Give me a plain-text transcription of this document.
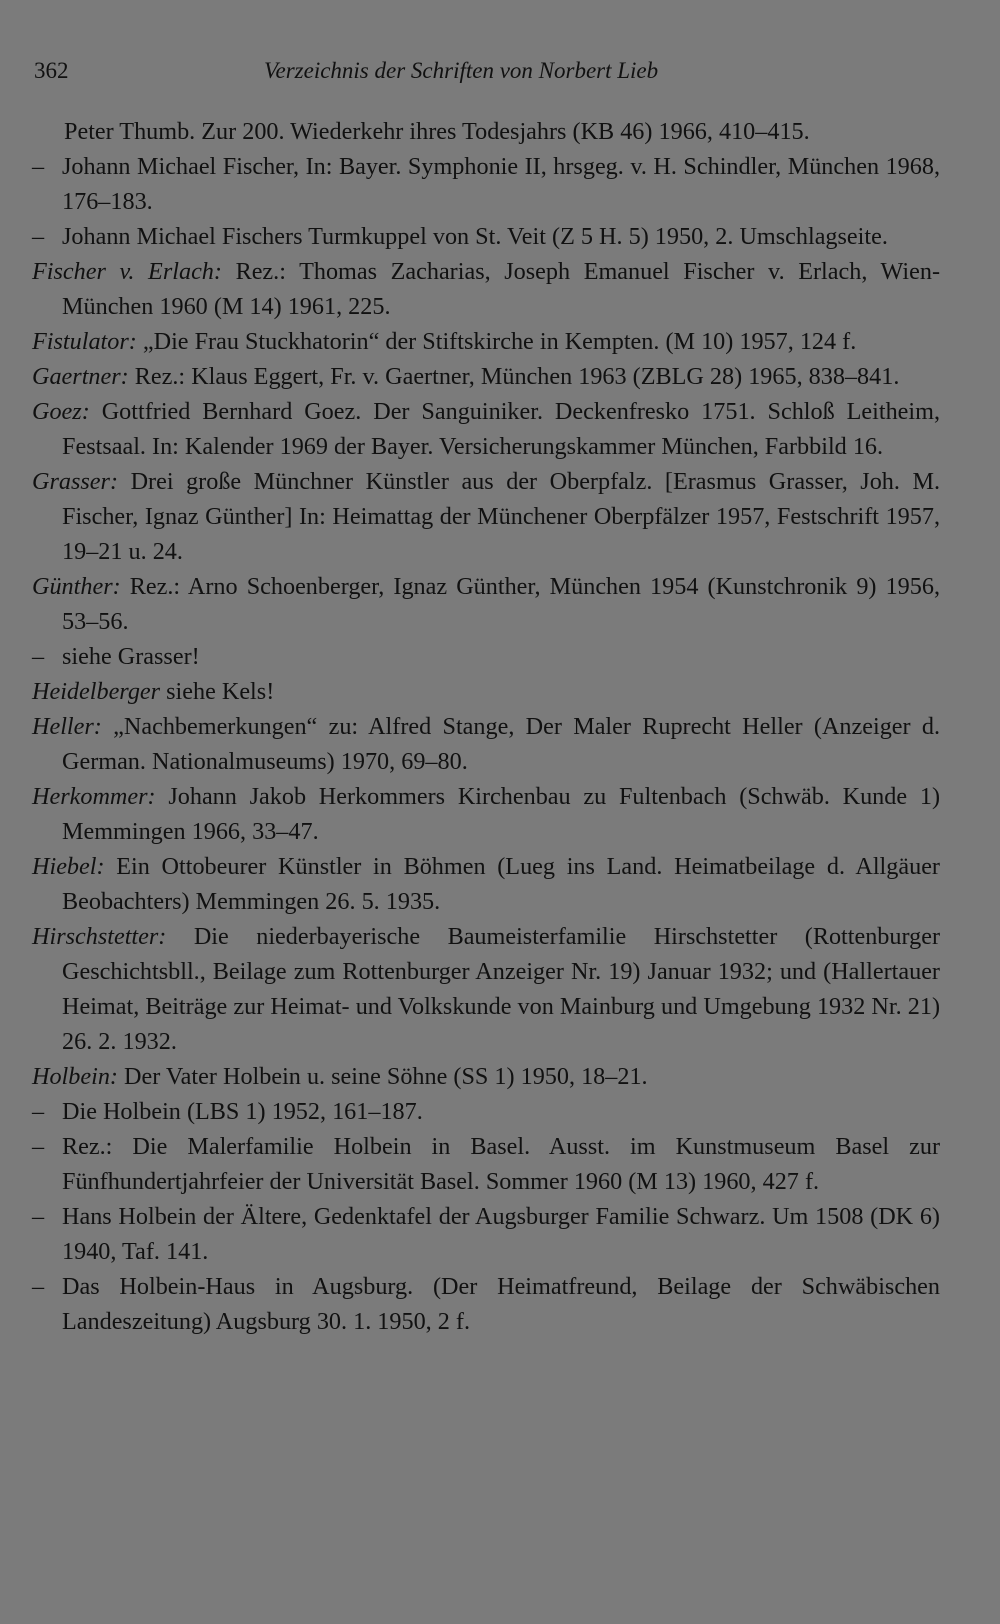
362	Verzeichnis der Schriften von Norbert Lieb

Peter Thumb. Zur 200. Wiederkehr ihres Todesjahrs (KB 46) 1966, 410–415.

– Johann Michael Fischer, In: Bayer. Symphonie II, hrsgeg. v. H. Schindler, München 1968, 176–183.

– Johann Michael Fischers Turmkuppel von St. Veit (Z 5 H. 5) 1950, 2. Umschlagseite.

Fischer v. Erlach: Rez.: Thomas Zacharias, Joseph Emanuel Fischer v. Erlach, Wien-München 1960 (M 14) 1961, 225.

Fistulator: „Die Frau Stuckhatorin“ der Stiftskirche in Kempten. (M 10) 1957, 124 f.

Gaertner: Rez.: Klaus Eggert, Fr. v. Gaertner, München 1963 (ZBLG 28) 1965, 838–841.

Goez: Gottfried Bernhard Goez. Der Sanguiniker. Deckenfresko 1751. Schloß Leitheim, Festsaal. In: Kalender 1969 der Bayer. Versicherungskammer München, Farbbild 16.

Grasser: Drei große Münchner Künstler aus der Oberpfalz. [Erasmus Grasser, Joh. M. Fischer, Ignaz Günther] In: Heimattag der Münchener Oberpfälzer 1957, Festschrift 1957, 19–21 u. 24.

Günther: Rez.: Arno Schoenberger, Ignaz Günther, München 1954 (Kunstchronik 9) 1956, 53–56.

– siehe Grasser!

Heidelberger siehe Kels!

Heller: „Nachbemerkungen“ zu: Alfred Stange, Der Maler Ruprecht Heller (Anzeiger d. German. Nationalmuseums) 1970, 69–80.

Herkommer: Johann Jakob Herkommers Kirchenbau zu Fultenbach (Schwäb. Kunde 1) Memmingen 1966, 33–47.

Hiebel: Ein Ottobeurer Künstler in Böhmen (Lueg ins Land. Heimatbeilage d. Allgäuer Beobachters) Memmingen 26. 5. 1935.

Hirschstetter: Die niederbayerische Baumeisterfamilie Hirschstetter (Rottenburger Geschichtsbll., Beilage zum Rottenburger Anzeiger Nr. 19) Januar 1932; und (Hallertauer Heimat, Beiträge zur Heimat- und Volkskunde von Mainburg und Umgebung 1932 Nr. 21) 26. 2. 1932.

Holbein: Der Vater Holbein u. seine Söhne (SS 1) 1950, 18–21.

– Die Holbein (LBS 1) 1952, 161–187.

– Rez.: Die Malerfamilie Holbein in Basel. Ausst. im Kunstmuseum Basel zur Fünfhundertjahrfeier der Universität Basel. Sommer 1960 (M 13) 1960, 427 f.

– Hans Holbein der Ältere, Gedenktafel der Augsburger Familie Schwarz. Um 1508 (DK 6) 1940, Taf. 141.

– Das Holbein-Haus in Augsburg. (Der Heimatfreund, Beilage der Schwäbischen Landeszeitung) Augsburg 30. 1. 1950, 2 f.
